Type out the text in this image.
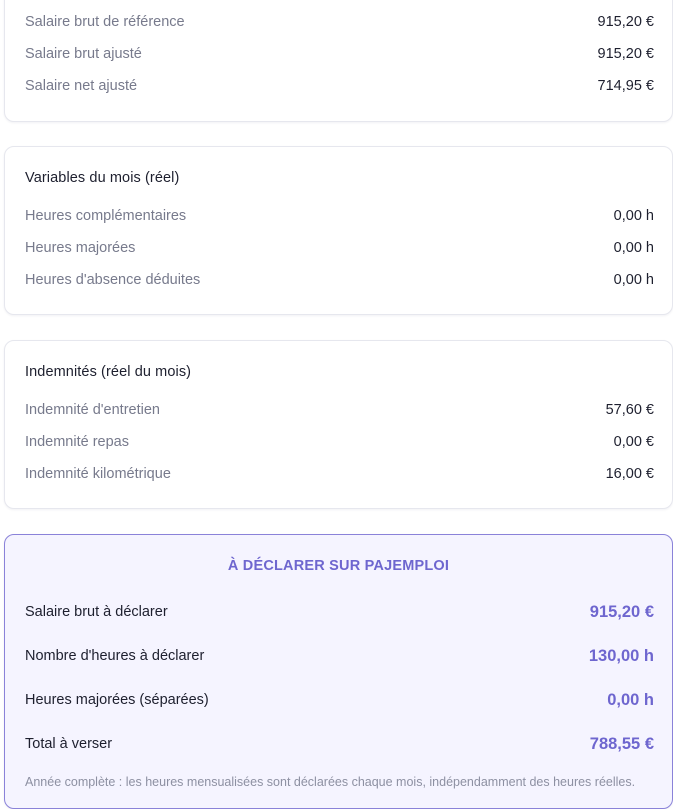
Salaire brut de référence	915,20 €
Salaire brut ajusté	915,20 €
Salaire net ajusté	714,95 €
Variables du mois (réel)
Heures complémentaires	0,00 h
Heures majorées	0,00 h
Heures d'absence déduites	0,00 h
Indemnités (réel du mois)
Indemnité d'entretien	57,60 €
Indemnité repas	0,00 €
Indemnité kilométrique	16,00 €
À DÉCLARER SUR PAJEMPLOI
Salaire brut à déclarer	915,20 €
Nombre d'heures à déclarer	130,00 h
Heures majorées (séparées)	0,00 h
Total à verser	788,55 €
Année complète : les heures mensualisées sont déclarées chaque mois, indépendamment des heures réelles.
